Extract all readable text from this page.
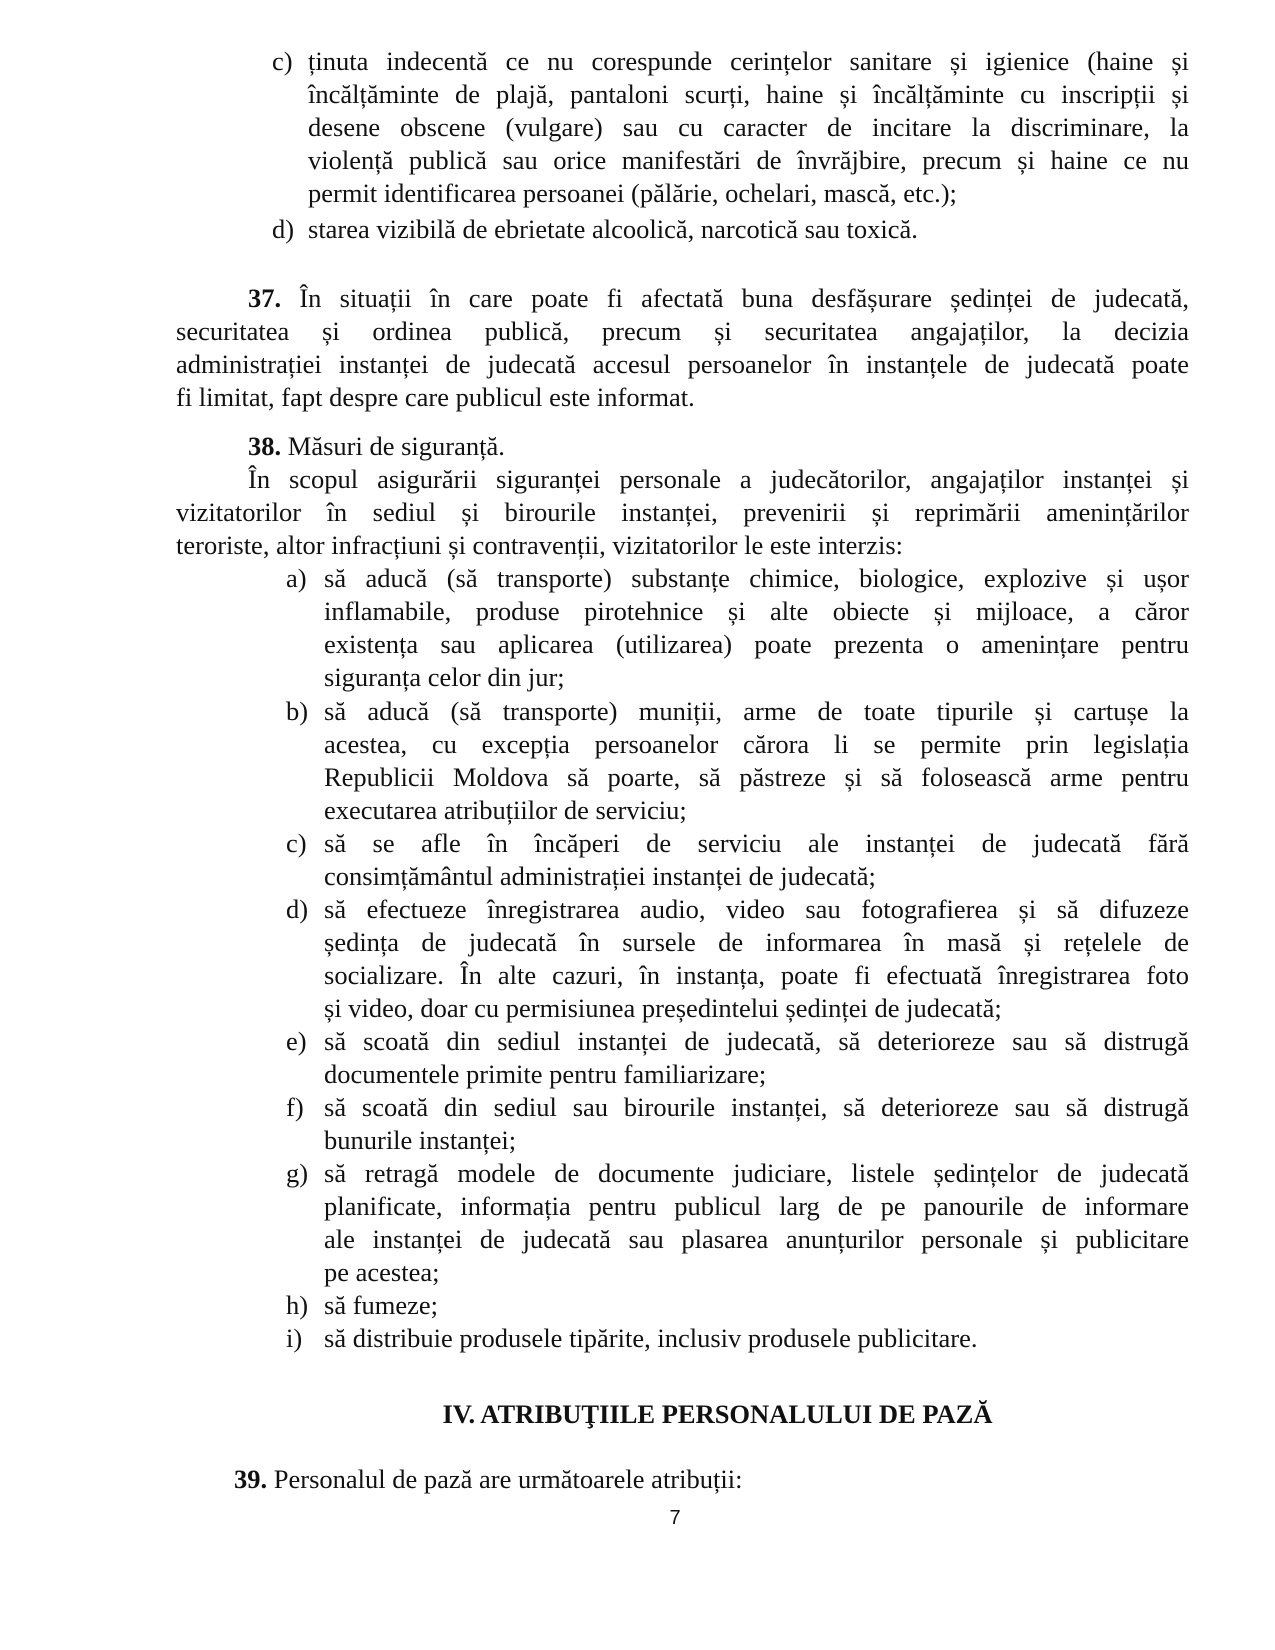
c) ținuta indecentă ce nu corespunde cerințelor sanitare și igienice (haine și
încălțăminte de plajă, pantaloni scurți, haine și încălțăminte cu inscripții și
desene obscene (vulgare) sau cu caracter de incitare la discriminare, la
violență publică sau orice manifestări de învrăjbire, precum și haine ce nu
permit identificarea persoanei (pălărie, ochelari, mască, etc.);
d) starea vizibilă de ebrietate alcoolică, narcotică sau toxică.
37. În situații în care poate fi afectată buna desfășurare ședinței de judecată,
securitatea și ordinea publică, precum și securitatea angajaților, la decizia
administrației instanței de judecată accesul persoanelor în instanțele de judecată poate
fi limitat, fapt despre care publicul este informat.
38. Măsuri de siguranță.
În scopul asigurării siguranței personale a judecătorilor, angajaților instanței și
vizitatorilor în sediul și birourile instanței, prevenirii și reprimării amenințărilor
teroriste, altor infracțiuni și contravenții, vizitatorilor le este interzis:
a) să aducă (să transporte) substanțe chimice, biologice, explozive și ușor
inflamabile, produse pirotehnice și alte obiecte și mijloace, a căror
existența sau aplicarea (utilizarea) poate prezenta o amenințare pentru
siguranța celor din jur;
b) să aducă (să transporte) muniții, arme de toate tipurile și cartușe la
acestea, cu excepția persoanelor cărora li se permite prin legislația
Republicii Moldova să poarte, să păstreze și să folosească arme pentru
executarea atribuțiilor de serviciu;
c) să se afle în încăperi de serviciu ale instanței de judecată fără
consimțământul administrației instanței de judecată;
d) să efectueze înregistrarea audio, video sau fotografierea și să difuzeze
ședința de judecată în sursele de informarea în masă și rețelele de
socializare. În alte cazuri, în instanța, poate fi efectuată înregistrarea foto
și video, doar cu permisiunea președintelui ședinței de judecată;
e) să scoată din sediul instanței de judecată, să deterioreze sau să distrugă
documentele primite pentru familiarizare;
f) să scoată din sediul sau birourile instanței, să deterioreze sau să distrugă
bunurile instanței;
g) să retragă modele de documente judiciare, listele ședințelor de judecată
planificate, informația pentru publicul larg de pe panourile de informare
ale instanței de judecată sau plasarea anunțurilor personale și publicitare
pe acestea;
h) să fumeze;
i) să distribuie produsele tipărite, inclusiv produsele publicitare.
IV. ATRIBUŢIILE PERSONALULUI DE PAZĂ
39. Personalul de pază are următoarele atribuții:
7
